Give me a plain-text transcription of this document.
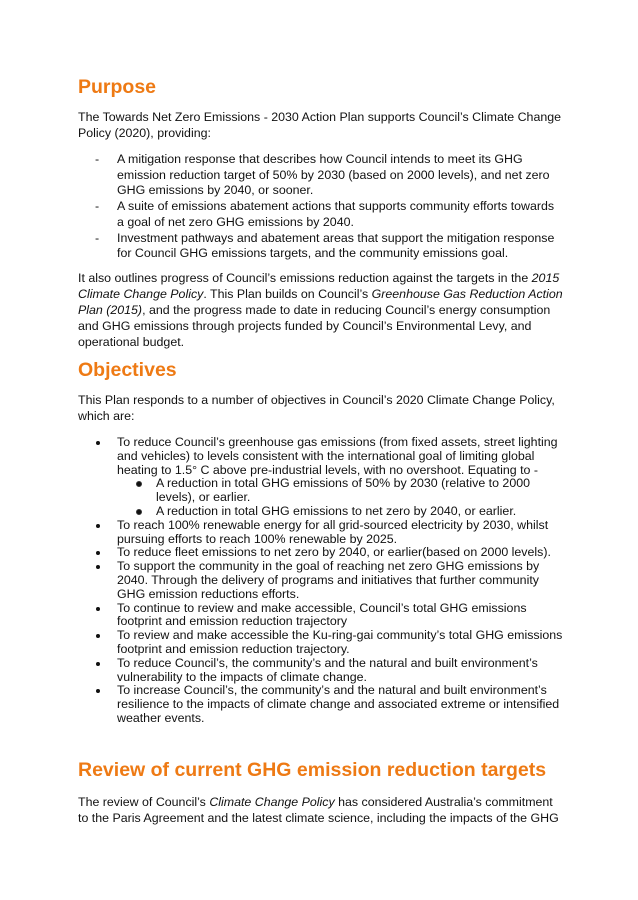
Purpose

The Towards Net Zero Emissions - 2030 Action Plan supports Council’s Climate Change Policy (2020), providing:

- A mitigation response that describes how Council intends to meet its GHG emission reduction target of 50% by 2030 (based on 2000 levels), and net zero GHG emissions by 2040, or sooner.
- A suite of emissions abatement actions that supports community efforts towards a goal of net zero GHG emissions by 2040.
- Investment pathways and abatement areas that support the mitigation response for Council GHG emissions targets, and the community emissions goal.

It also outlines progress of Council’s emissions reduction against the targets in the 2015 Climate Change Policy. This Plan builds on Council’s Greenhouse Gas Reduction Action Plan (2015), and the progress made to date in reducing Council’s energy consumption and GHG emissions through projects funded by Council’s Environmental Levy, and operational budget.

Objectives

This Plan responds to a number of objectives in Council’s 2020 Climate Change Policy, which are:

To reduce Council’s greenhouse gas emissions (from fixed assets, street lighting and vehicles) to levels consistent with the international goal of limiting global heating to 1.5° C above pre-industrial levels, with no overshoot. Equating to -
A reduction in total GHG emissions of 50% by 2030 (relative to 2000 levels), or earlier.
A reduction in total GHG emissions to net zero by 2040, or earlier.
To reach 100% renewable energy for all grid-sourced electricity by 2030, whilst pursuing efforts to reach 100% renewable by 2025.
To reduce fleet emissions to net zero by 2040, or earlier(based on 2000 levels).
To support the community in the goal of reaching net zero GHG emissions by 2040. Through the delivery of programs and initiatives that further community GHG emission reductions efforts.
To continue to review and make accessible, Council’s total GHG emissions footprint and emission reduction trajectory
To review and make accessible the Ku-ring-gai community’s total GHG emissions footprint and emission reduction trajectory.
To reduce Council’s, the community’s and the natural and built environment’s vulnerability to the impacts of climate change.
To increase Council’s, the community’s and the natural and built environment’s resilience to the impacts of climate change and associated extreme or intensified weather events.
Review of current GHG emission reduction targets

The review of Council’s Climate Change Policy has considered Australia’s commitment to the Paris Agreement and the latest climate science, including the impacts of the GHG
